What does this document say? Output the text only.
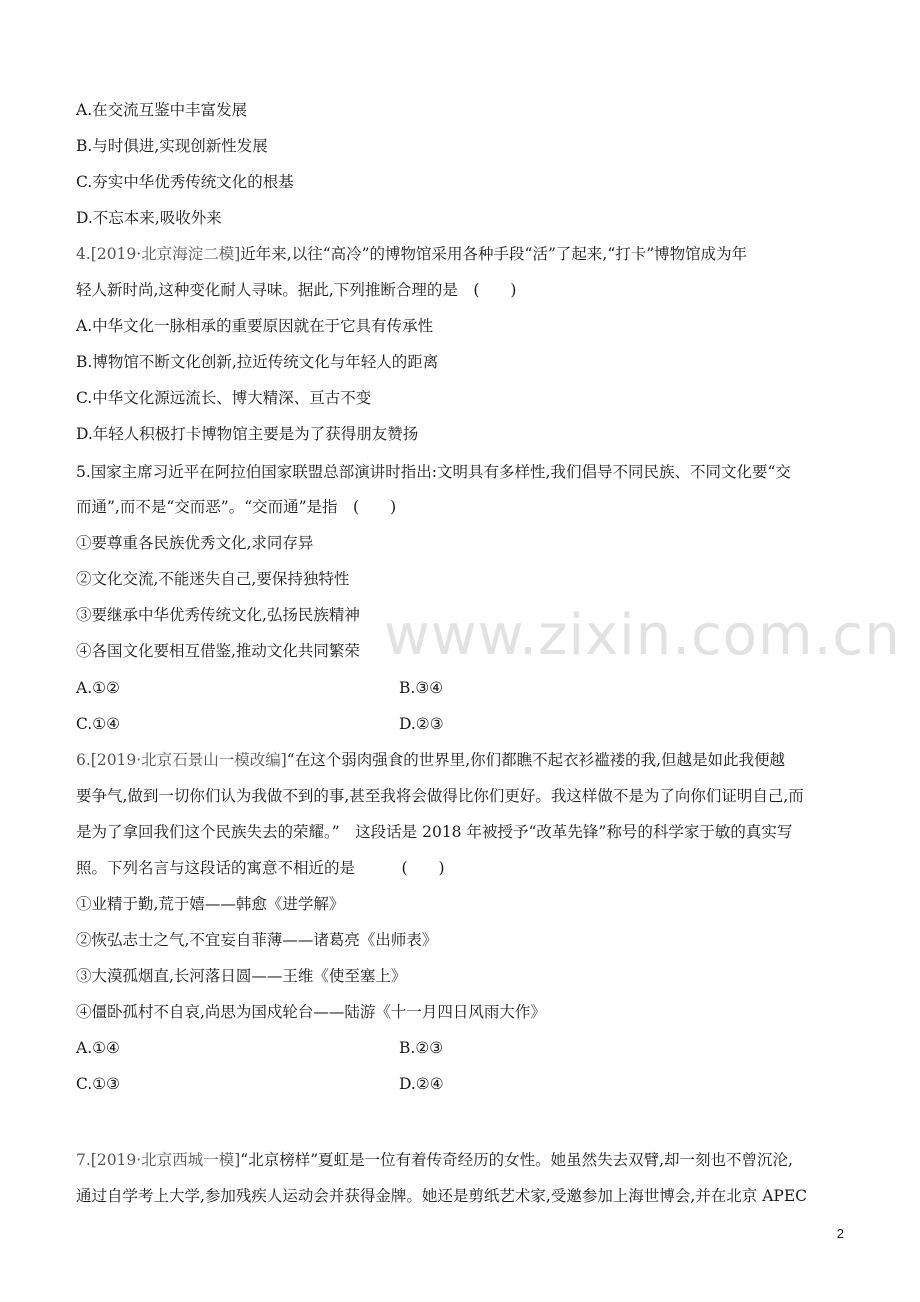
A.在交流互鉴中丰富发展
B.与时俱进,实现创新性发展
C.夯实中华优秀传统文化的根基
D.不忘本来,吸收外来
4.[2019·北京海淀二模]近年来,以往“高冷”的博物馆采用各种手段“活”了起来,“打卡”博物馆成为年
轻人新时尚,这种变化耐人寻味。据此,下列推断合理的是　(　　)
A.中华文化一脉相承的重要原因就在于它具有传承性
B.博物馆不断文化创新,拉近传统文化与年轻人的距离
C.中华文化源远流长、博大精深、亘古不变
D.年轻人积极打卡博物馆主要是为了获得朋友赞扬
5.国家主席习近平在阿拉伯国家联盟总部演讲时指出:文明具有多样性,我们倡导不同民族、不同文化要“交
而通”,而不是“交而恶”。“交而通”是指　(　　)
①要尊重各民族优秀文化,求同存异
②文化交流,不能迷失自己,要保持独特性
③要继承中华优秀传统文化,弘扬民族精神
④各国文化要相互借鉴,推动文化共同繁荣
A.①②	B.③④
C.①④	D.②③
6.[2019·北京石景山一模改编]“在这个弱肉强食的世界里,你们都瞧不起衣衫褴褛的我,但越是如此我便越
要争气,做到一切你们认为我做不到的事,甚至我将会做得比你们更好。我这样做不是为了向你们证明自己,而
是为了拿回我们这个民族失去的荣耀。”　这段话是 2018 年被授予“改革先锋”称号的科学家于敏的真实写
照。下列名言与这段话的寓意不相近的是　　　(　　)
①业精于勤,荒于嬉——韩愈《进学解》
②恢弘志士之气,不宜妄自菲薄——诸葛亮《出师表》
③大漠孤烟直,长河落日圆——王维《使至塞上》
④僵卧孤村不自哀,尚思为国戍轮台——陆游《十一月四日风雨大作》
A.①④	B.②③
C.①③	D.②④
7.[2019·北京西城一模]“北京榜样”夏虹是一位有着传奇经历的女性。她虽然失去双臂,却一刻也不曾沉沦,
通过自学考上大学,参加残疾人运动会并获得金牌。她还是剪纸艺术家,受邀参加上海世博会,并在北京 APEC
www.zixin.com.cn
2
